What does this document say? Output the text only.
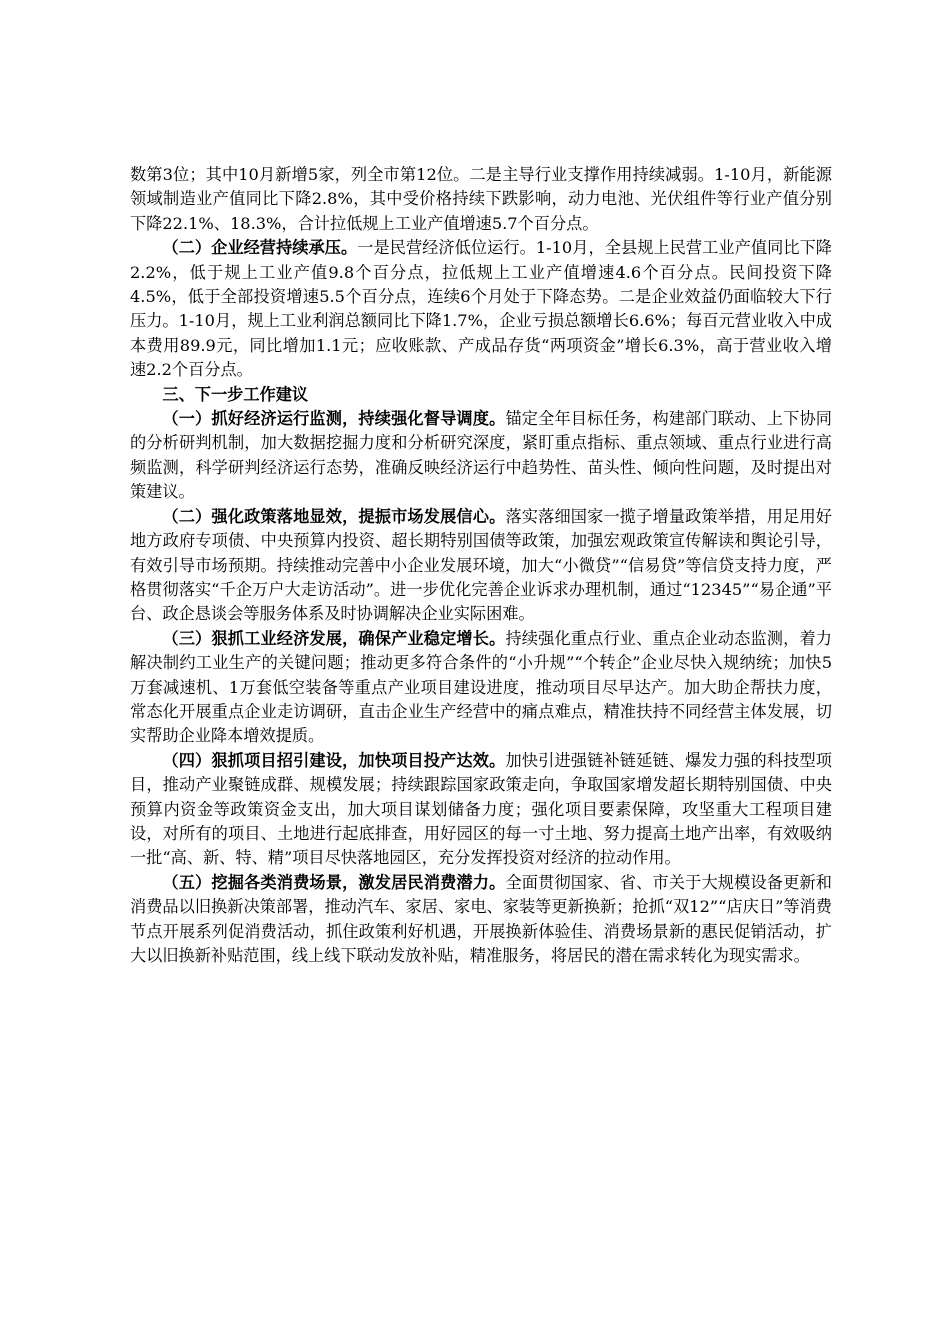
数第3位；其中10月新增5家，列全市第12位。二是主导行业支撑作用持续减弱。1-10月，新能源领域制造业产值同比下降2.8%，其中受价格持续下跌影响，动力电池、光伏组件等行业产值分别下降22.1%、18.3%，合计拉低规上工业产值增速5.7个百分点。

（二）企业经营持续承压。一是民营经济低位运行。1-10月，全县规上民营工业产值同比下降2.2%，低于规上工业产值9.8个百分点，拉低规上工业产值增速4.6个百分点。民间投资下降4.5%，低于全部投资增速5.5个百分点，连续6个月处于下降态势。二是企业效益仍面临较大下行压力。1-10月，规上工业利润总额同比下降1.7%，企业亏损总额增长6.6%；每百元营业收入中成本费用89.9元，同比增加1.1元；应收账款、产成品存货“两项资金”增长6.3%，高于营业收入增速2.2个百分点。

三、下一步工作建议

（一）抓好经济运行监测，持续强化督导调度。锚定全年目标任务，构建部门联动、上下协同的分析研判机制，加大数据挖掘力度和分析研究深度，紧盯重点指标、重点领域、重点行业进行高频监测，科学研判经济运行态势，准确反映经济运行中趋势性、苗头性、倾向性问题，及时提出对策建议。

（二）强化政策落地显效，提振市场发展信心。落实落细国家一揽子增量政策举措，用足用好地方政府专项债、中央预算内投资、超长期特别国债等政策，加强宏观政策宣传解读和舆论引导，有效引导市场预期。持续推动完善中小企业发展环境，加大“小微贷”“信易贷”等信贷支持力度，严格贯彻落实“千企万户大走访活动”。进一步优化完善企业诉求办理机制，通过“12345”“易企通”平台、政企恳谈会等服务体系及时协调解决企业实际困难。

（三）狠抓工业经济发展，确保产业稳定增长。持续强化重点行业、重点企业动态监测，着力解决制约工业生产的关键问题；推动更多符合条件的“小升规”“个转企”企业尽快入规纳统；加快5万套减速机、1万套低空装备等重点产业项目建设进度，推动项目尽早达产。加大助企帮扶力度，常态化开展重点企业走访调研，直击企业生产经营中的痛点难点，精准扶持不同经营主体发展，切实帮助企业降本增效提质。

（四）狠抓项目招引建设，加快项目投产达效。加快引进强链补链延链、爆发力强的科技型项目，推动产业聚链成群、规模发展；持续跟踪国家政策走向，争取国家增发超长期特别国债、中央预算内资金等政策资金支出，加大项目谋划储备力度；强化项目要素保障，攻坚重大工程项目建设，对所有的项目、土地进行起底排查，用好园区的每一寸土地、努力提高土地产出率，有效吸纳一批“高、新、特、精”项目尽快落地园区，充分发挥投资对经济的拉动作用。

（五）挖掘各类消费场景，激发居民消费潜力。全面贯彻国家、省、市关于大规模设备更新和消费品以旧换新决策部署，推动汽车、家居、家电、家装等更新换新；抢抓“双12”“店庆日”等消费节点开展系列促消费活动，抓住政策利好机遇，开展换新体验佳、消费场景新的惠民促销活动，扩大以旧换新补贴范围，线上线下联动发放补贴，精准服务，将居民的潜在需求转化为现实需求。
